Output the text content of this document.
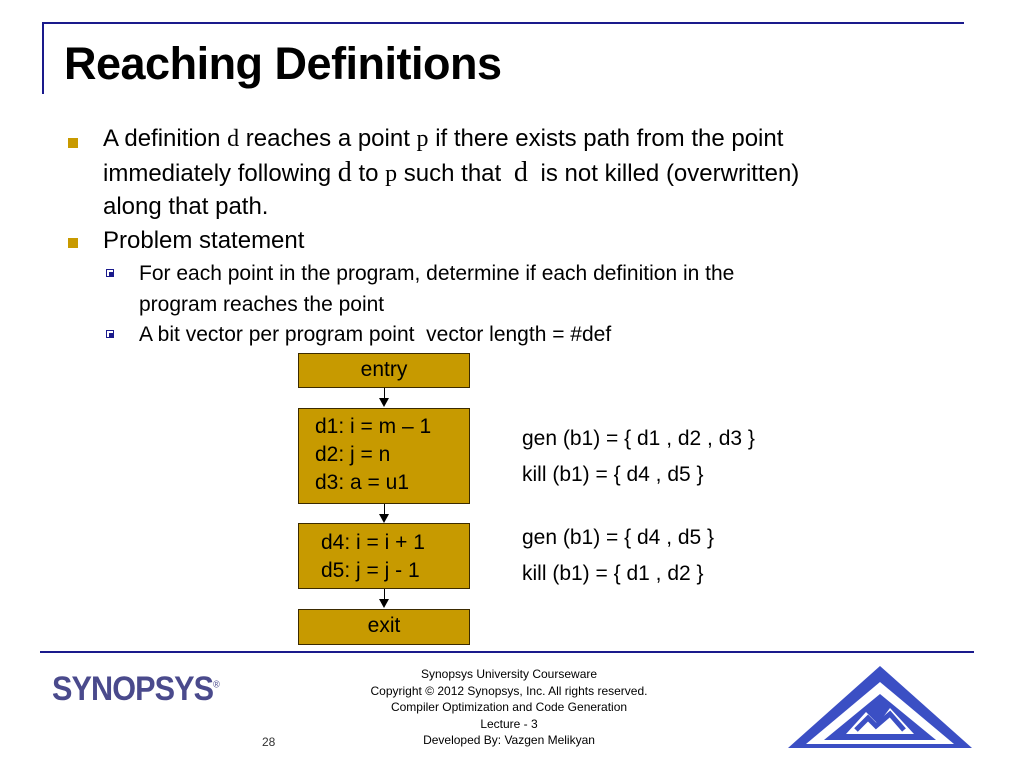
Reaching Definitions
A definition d reaches a point p if there exists path from the point
immediately following d to p such that d is not killed (overwritten)
along that path.
Problem statement
For each point in the program, determine if each definition in the
program reaches the point
A bit vector per program point  vector length = #def
entry
d1: i = m – 1
d2: j = n
d3: a = u1
d4: i = i + 1
d5: j = j - 1
exit
gen (b1) = { d1 , d2 , d3 }
kill (b1) = { d4 , d5 }
gen (b1) = { d4 , d5 }
kill (b1) = { d1 , d2 }
SYNOPSYS®
Synopsys University Courseware
Copyright © 2012 Synopsys, Inc. All rights reserved.
Compiler Optimization and Code Generation
Lecture - 3
Developed By: Vazgen Melikyan
28
